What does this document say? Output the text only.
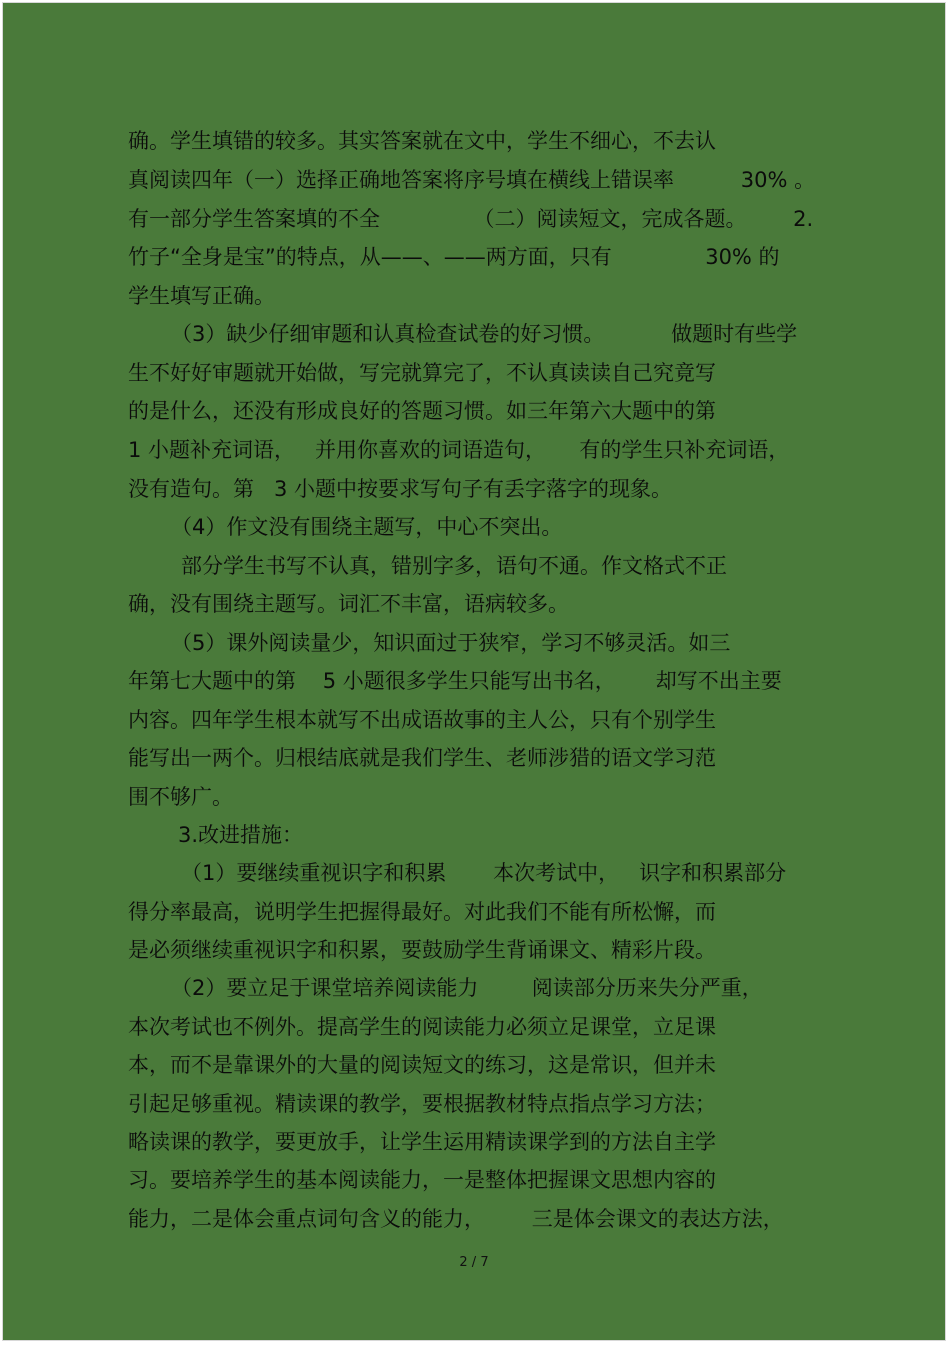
确。学生填错的较多。其实答案就在文中，学生不细心，不去认
真阅读四年（一）选择正确地答案将序号填在横线上错误率          30% 。
有一部分学生答案填的不全              （二）阅读短文，完成各题。       2.
竹子“全身是宝”的特点，从——、——两方面，只有              30% 的
学生填写正确。
（3）缺少仔细审题和认真检查试卷的好习惯。          做题时有些学
生不好好审题就开始做，写完就算完了，不认真读读自己究竟写
的是什么，还没有形成良好的答题习惯。如三年第六大题中的第
1 小题补充词语，   并用你喜欢的词语造句，     有的学生只补充词语，
没有造句。第   3 小题中按要求写句子有丢字落字的现象。
（4）作文没有围绕主题写，中心不突出。
部分学生书写不认真，错别字多，语句不通。作文格式不正
确，没有围绕主题写。词汇不丰富，语病较多。
（5）课外阅读量少，知识面过于狭窄，学习不够灵活。如三
年第七大题中的第    5 小题很多学生只能写出书名，      却写不出主要
内容。四年学生根本就写不出成语故事的主人公，只有个别学生
能写出一两个。归根结底就是我们学生、老师涉猎的语文学习范
围不够广。
3.改进措施：
（1）要继续重视识字和积累       本次考试中，   识字和积累部分
得分率最高，说明学生把握得最好。对此我们不能有所松懈，而
是必须继续重视识字和积累，要鼓励学生背诵课文、精彩片段。
（2）要立足于课堂培养阅读能力        阅读部分历来失分严重，
本次考试也不例外。提高学生的阅读能力必须立足课堂，立足课
本，而不是靠课外的大量的阅读短文的练习，这是常识，但并未
引起足够重视。精读课的教学，要根据教材特点指点学习方法；
略读课的教学，要更放手，让学生运用精读课学到的方法自主学
习。要培养学生的基本阅读能力，一是整体把握课文思想内容的
能力，二是体会重点词句含义的能力，       三是体会课文的表达方法，
2 / 7
